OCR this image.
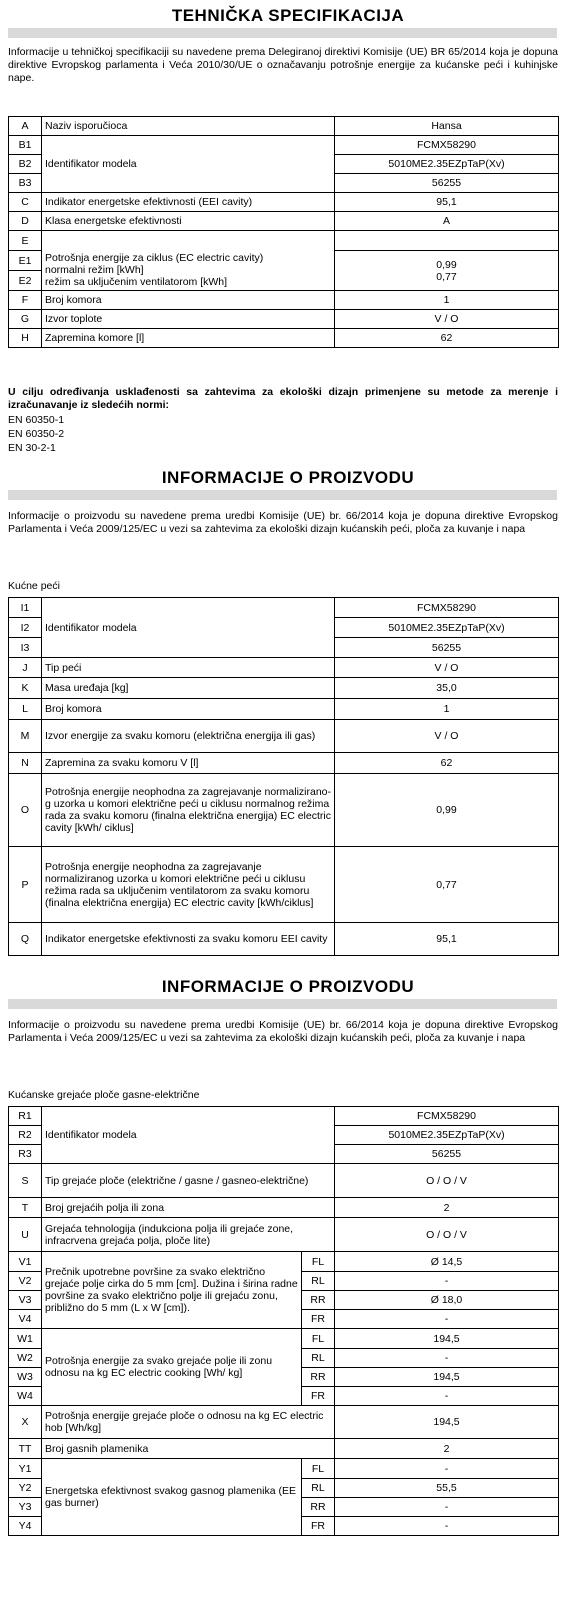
TEHNIČKA SPECIFIKACIJA
Informacije u tehničkoj specifikaciji su navedene prema Delegiranoj direktivi Komisije (UE) BR 65/2014 koja je dopuna direktive Evropskog parlamenta i Veća 2010/30/UE o označavanju potrošnje energije za kućanske peći i kuhinjske nape.
A	Naziv isporučioca	Hansa
B1	Identifikator modela	FCMX58290
B2		5010ME2.35EZpTaP(Xv)
B3		56255
C	Indikator energetske efektivnosti (EEI cavity)	95,1
D	Klasa energetske efektivnosti	A
E	Potrošnja energije za ciklus (EC electric cavity)
normalni režim [kWh]
režim sa uključenim ventilatorom [kWh]	

E1		0,99
E2		0,77
F	Broj komora	1
G	Izvor toplote	V / O
H	Zapremina komore [l]	62
U cilju određivanja usklađenosti sa zahtevima za ekološki dizajn primenjene su metode za merenje i izračunavanje iz sledećih normi:
EN 60350-1
EN 60350-2
EN 30-2-1
INFORMACIJE O PROIZVODU
Informacije o proizvodu su navedene prema uredbi Komisije (UE) br. 66/2014 koja je dopuna direktive Evropskog Parlamenta i Veća 2009/125/EC u vezi sa zahtevima za ekološki dizajn kućanskih peći, ploča za kuvanje i napa
Kućne peći
I1	Identifikator modela	FCMX58290
I2		5010ME2.35EZpTaP(Xv)
I3		56255
J	Tip peći	V / O
K	Masa uređaja [kg]	35,0
L	Broj komora	1
M	Izvor energije za svaku komoru (električna energija ili gas)	V / O
N	Zapremina za svaku komoru V [l]	62
O	Potrošnja energije neophodna za zagrejavanje normaliziranog uzorka u komori električne peći u ciklusu normalnog režima rada za svaku komoru (finalna električna energija) EC electric cavity [kWh/ ciklus]	0,99
P	Potrošnja energije neophodna za zagrejavanje normaliziranog uzorka u komori električne peći u ciklusu režima rada sa uključenim ventilatorom za svaku komoru (finalna električna energija) EC electric cavity [kWh/ciklus]	0,77
Q	Indikator energetske efektivnosti za svaku komoru EEI cavity	95,1
INFORMACIJE O PROIZVODU
Informacije o proizvodu su navedene prema uredbi Komisije (UE) br. 66/2014 koja je dopuna direktive Evropskog Parlamenta i Veća 2009/125/EC u vezi sa zahtevima za ekološki dizajn kućanskih peći, ploča za kuvanje i napa
Kućanske grejaće ploče gasne-električne
R1	Identifikator modela		FCMX58290
R2			5010ME2.35EZpTaP(Xv)
R3			56255
S	Tip grejaće ploče (električne / gasne / gasneo-električne)		O / O / V
T	Broj grejaćih polja ili zona		2
U	Grejaća tehnologija (indukciona polja ili grejaće zone, infracrvena grejaća polja, ploče lite)		O / O / V
V1	Prečnik upotrebne površine za svako električno grejaće polje cirka do 5 mm [cm]. Dužina i širina radne površine za svako električno polje ili grejaću zonu, približno do 5 mm (L x W [cm]).	FL	Ø 14,5
V2		RL	-
V3		RR	Ø 18,0
V4		FR	-
W1	Potrošnja energije za svako grejaće polje ili zonu odnosu na kg EC electric cooking [Wh/ kg]	FL	194,5
W2		RL	-
W3		RR	194,5
W4		FR	-
X	Potrošnja energije grejaće ploče o odnosu na kg EC electric hob [Wh/kg]		194,5
TT	Broj gasnih plamenika		2
Y1	Energetska efektivnost svakog gasnog plamenika (EE gas burner)	FL	-
Y2		RL	55,5
Y3		RR	-
Y4		FR	-
